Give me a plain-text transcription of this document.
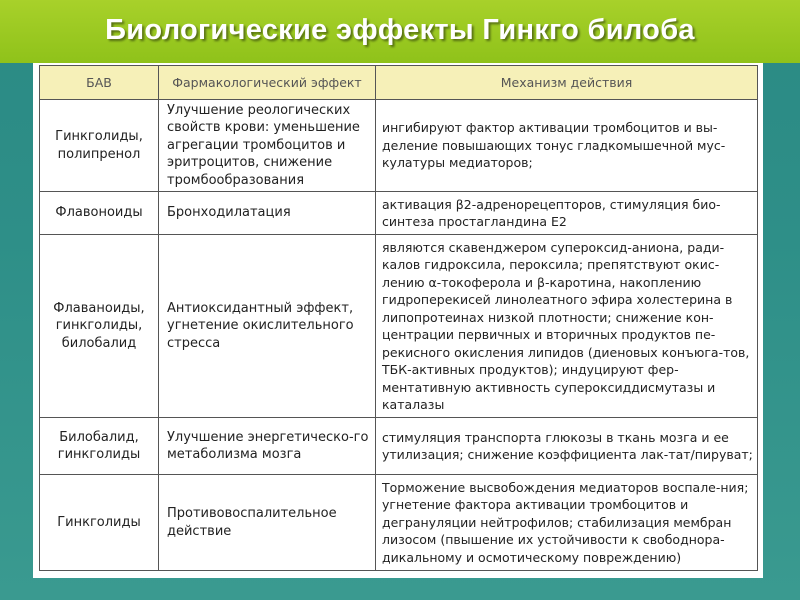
Биологические эффекты Гинкго билоба
БАВ	Фармакологический эффект	Механизм действия
Гинкголиды, полипренол	Улучшение реологических свойств крови: уменьшение агрегации тромбоцитов и эритроцитов, снижение тромбообразования	ингибируют фактор активации тромбоцитов и вы-деление повышающих тонус гладкомышечной мус-кулатуры медиаторов;
Флавоноиды	Бронходилатация	активация β2-адренорецепторов, стимуляция био-синтеза простагландина Е2
Флаваноиды, гинкголиды, билобалид	Антиоксидантный эффект, угнетение окислительного стресса	являются скавенджером супероксид-аниона, ради-калов гидроксила, пероксила; препятствуют окис-лению α-токоферола и β-каротина, накоплению гидроперекисей линолеатного эфира холестерина в липопротеинах низкой плотности; снижение кон-центрации первичных и вторичных продуктов пе-рекисного окисления липидов (диеновых конъюга-тов, ТБК-активных продуктов); индуцируют фер-ментативную активность супероксиддисмутазы и каталазы
Билобалид, гинкголиды	Улучшение энергетическо-го метаболизма мозга	стимуляция транспорта глюкозы в ткань мозга и ее утилизация; снижение коэффициента лак-тат/пируват;
Гинкголиды	Противовоспалительное действие	Торможение высвобождения медиаторов воспале-ния; угнетение фактора активации тромбоцитов и дегрануляции нейтрофилов; стабилизация мембран лизосом (пвышение их устойчивости к свободнора-дикальному и осмотическому повреждению)
